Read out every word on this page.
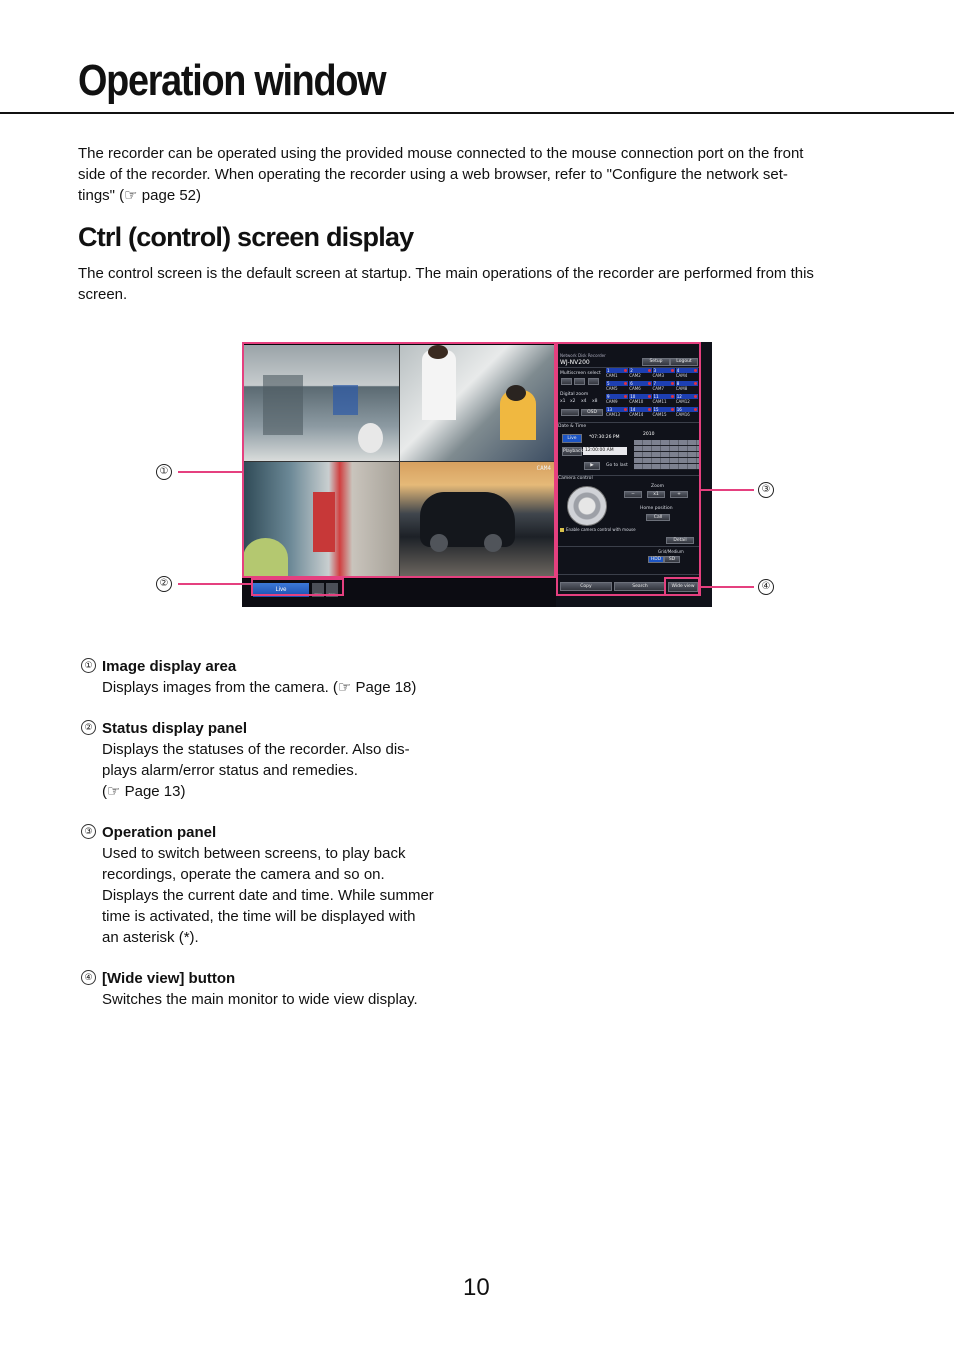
Operation window

The recorder can be operated using the provided mouse connected to the mouse connection port on the front
side of the recorder. When operating the recorder using a web browser, refer to "Configure the network set-
tings" (☞ page 52)

Ctrl (control) screen display

The control screen is the default screen at startup. The main operations of the recorder are performed from this
screen.

CAM4
Live
Alarm	Error
Network Disk Recorder
WJ-NV200	Setup	Logout
Multiscreen select
Digital zoom
x1 x2 x4 x8
OSD
1
CAM1
2
CAM2
3
CAM3
4
CAM4
5
CAM5
6
CAM6
7
CAM7
8
CAM8
9
CAM9
10
CAM10
11
CAM11
12
CAM12
13
CAM13
14
CAM14
15
CAM15
16
CAM16
Date & Time
Live	*07:30:26 PM
Playback 12:00:00 AM
▶	Go to last
2010
Camera control
Zoom
−	x1	+
Home position
Call
Enable camera control with mouse
Detail
Grid/Medium
HDD	SD
Copy	Search	Wide view
①
②
③
④
① Image display area

Displays images from the camera. (☞ Page 18)

② Status display panel

Displays the statuses of the recorder. Also dis-
plays alarm/error status and remedies.
(☞ Page 13)

③ Operation panel

Used to switch between screens, to play back
recordings, operate the camera and so on.
Displays the current date and time. While summer
time is activated, the time will be displayed with
an asterisk (*).

④ [Wide view] button

Switches the main monitor to wide view display.

10
